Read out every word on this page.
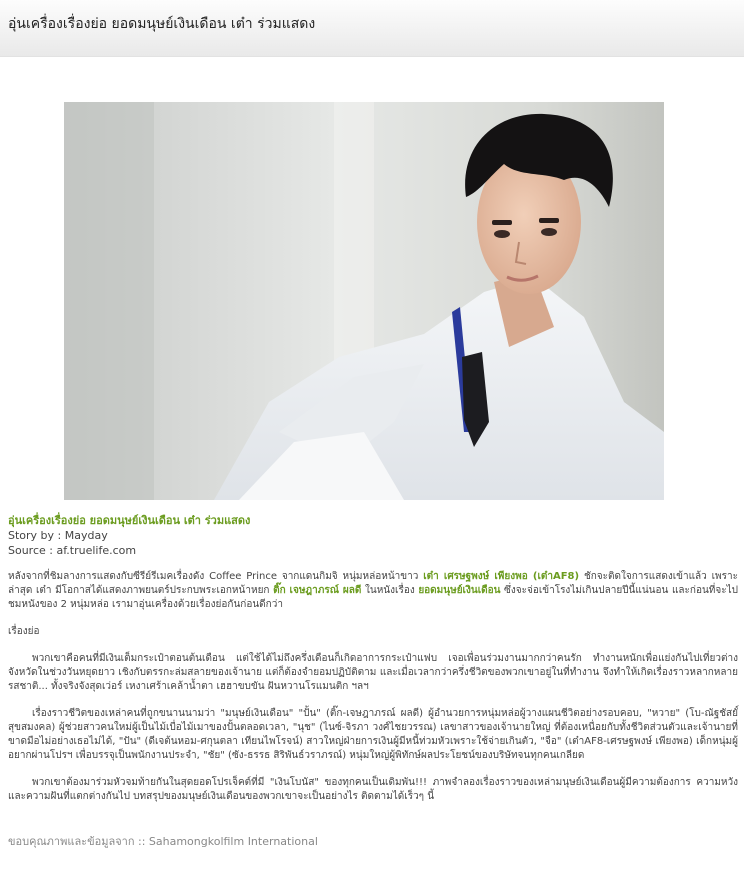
อุ่นเครื่องเรื่องย่อ ยอดมนุษย์เงินเดือน เต๋า ร่วมแสดง
อุ่นเครื่องเรื่องย่อ ยอดมนุษย์เงินเดือน เต๋า ร่วมแสดง
Story by : Mayday
Source : af.truelife.com

หลังจากที่ชิมลางการแสดงกับซีรีย์รีเมคเรื่องดัง Coffee Prince จากแดนกิมจิ หนุ่มหล่อหน้าขาว เต๋า เศรษฐพงษ์ เพียงพอ (เต๋าAF8) ชักจะติดใจการแสดงเข้าแล้ว เพราะล่าสุด เต๋า มีโอกาสได้แสดงภาพยนตร์ประกบพระเอกหน้าหยก ติ๊ก เจษฎาภรณ์ ผลดี ในหนังเรื่อง ยอดมนุษย์เงินเดือน ซึ่งจะจ่อเข้าโรงไม่เกินปลายปีนี้แน่นอน และก่อนที่จะไปชมหนังของ 2 หนุ่มหล่อ เรามาอุ่นเครื่องด้วยเรื่องย่อกันก่อนดีกว่า

เรื่องย่อ

พวกเขาคือคนที่มีเงินเต็มกระเป๋าตอนต้นเดือน แต่ใช้ได้ไม่ถึงครึ่งเดือนก็เกิดอาการกระเป๋าแฟบ เจอเพื่อนร่วมงานมากกว่าคนรัก ทำงานหนักเพื่อแย่งกันไปเที่ยวต่างจังหวัดในช่วงวันหยุดยาว เชิงกับตรรกะล่มสลายของเจ้านาย แต่ก็ต้องจำยอมปฏิบัติตาม และเมื่อเวลากว่าครึ่งชีวิตของพวกเขาอยู่ในที่ทำงาน จึงทำให้เกิดเรื่องราวหลากหลายรสชาติ... ทั้งจริงจังสุดเว่อร์ เหงาเศร้าเคล้าน้ำตา เฮฮาขบขัน ฝันหวานโรแมนติก ฯลฯ

เรื่องราวชีวิตของเหล่าคนที่ถูกขนานนามว่า "มนุษย์เงินเดือน" "ปั้น" (ติ๊ก-เจษฎาภรณ์ ผลดี) ผู้อำนวยการหนุ่มหล่อผู้วางแผนชีวิตอย่างรอบคอบ, "หวาย" (โบ-ณัฐชัสยั์ สุขสมงคล) ผู้ช่วยสาวคนใหม่ผู้เป็นไม้เบื่อไม้เมาของปั้นตลอดเวลา, "นุช" (ไนซ์-จิรภา วงศ์ไชยวรรณ) เลขาสาวของเจ้านายใหญ่ ที่ต้องเหนื่อยกับทั้งชีวิตส่วนตัวและเจ้านายที่ขาดมือไม่อย่างเธอไม่ได้, "ปัน" (ดีเจต้นหอม-ศกุนตลา เทียนไพโรจน์) สาวใหญ่ฝ่ายการเงินผู้มีหนี้ท่วมหัวเพราะใช้จ่ายเกินตัว, "จือ" (เต๋าAF8-เศรษฐพงษ์ เพียงพอ) เด็กหนุ่มผู้อยากผ่านโปรฯ เพื่อบรรจุเป็นพนักงานประจำ, "ชัย" (ซัง-ธรรธ สิริพันธ์วราภรณ์) หนุ่มใหญ่ผู้พิทักษ์ผลประโยชน์ของบริษัทจนทุกคนเกลียด

พวกเขาต้องมาร่วมหัวจมท้ายกันในสุดยอดโปรเจ็คต์ที่มี "เงินโบนัส" ของทุกคนเป็นเดิมพัน!!! ภาพจำลองเรื่องราวของเหล่ามนุษย์เงินเดือนผู้มีความต้องการ ความหวัง และความฝันที่แตกต่างกันไป บทสรุปของมนุษย์เงินเดือนของพวกเขาจะเป็นอย่างไร ติดตามได้เร็วๆ นี้

ขอบคุณภาพและข้อมูลจาก :: Sahamongkolfilm International
